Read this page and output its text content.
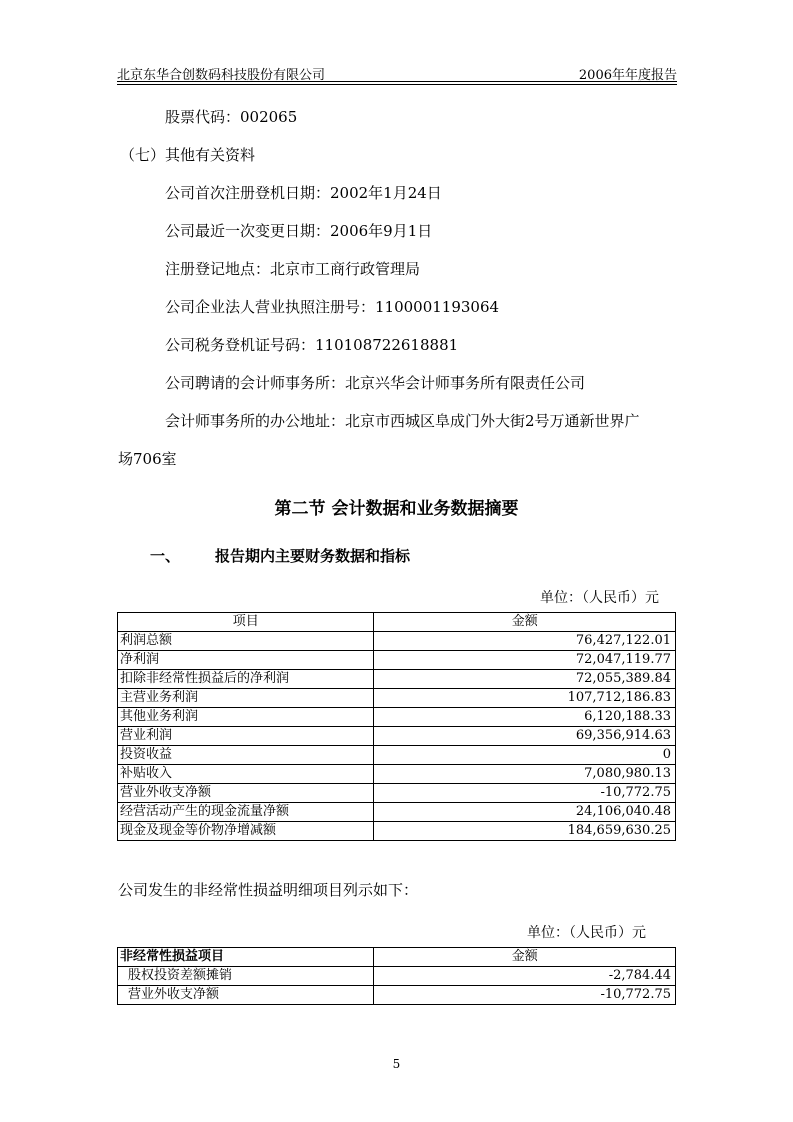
北京东华合创数码科技股份有限公司	2006年年度报告
股票代码：002065
（七）其他有关资料
公司首次注册登机日期：2002年1月24日
公司最近一次变更日期：2006年9月1日
注册登记地点：北京市工商行政管理局
公司企业法人营业执照注册号：1100001193064
公司税务登机证号码：110108722618881
公司聘请的会计师事务所：北京兴华会计师事务所有限责任公司
会计师事务所的办公地址：北京市西城区阜成门外大街2号万通新世界广
场706室
第二节 会计数据和业务数据摘要
一、 报告期内主要财务数据和指标
单位：（人民币）元
项目	金额
利润总额	76,427,122.01
净利润	72,047,119.77
扣除非经常性损益后的净利润	72,055,389.84
主营业务利润	107,712,186.83
其他业务利润	6,120,188.33
营业利润	69,356,914.63
投资收益	0
补贴收入	7,080,980.13
营业外收支净额	-10,772.75
经营活动产生的现金流量净额	24,106,040.48
现金及现金等价物净增减额	184,659,630.25
公司发生的非经常性损益明细项目列示如下：
单位：（人民币）元
非经常性损益项目	金额
股权投资差额摊销	-2,784.44
营业外收支净额	-10,772.75
5
